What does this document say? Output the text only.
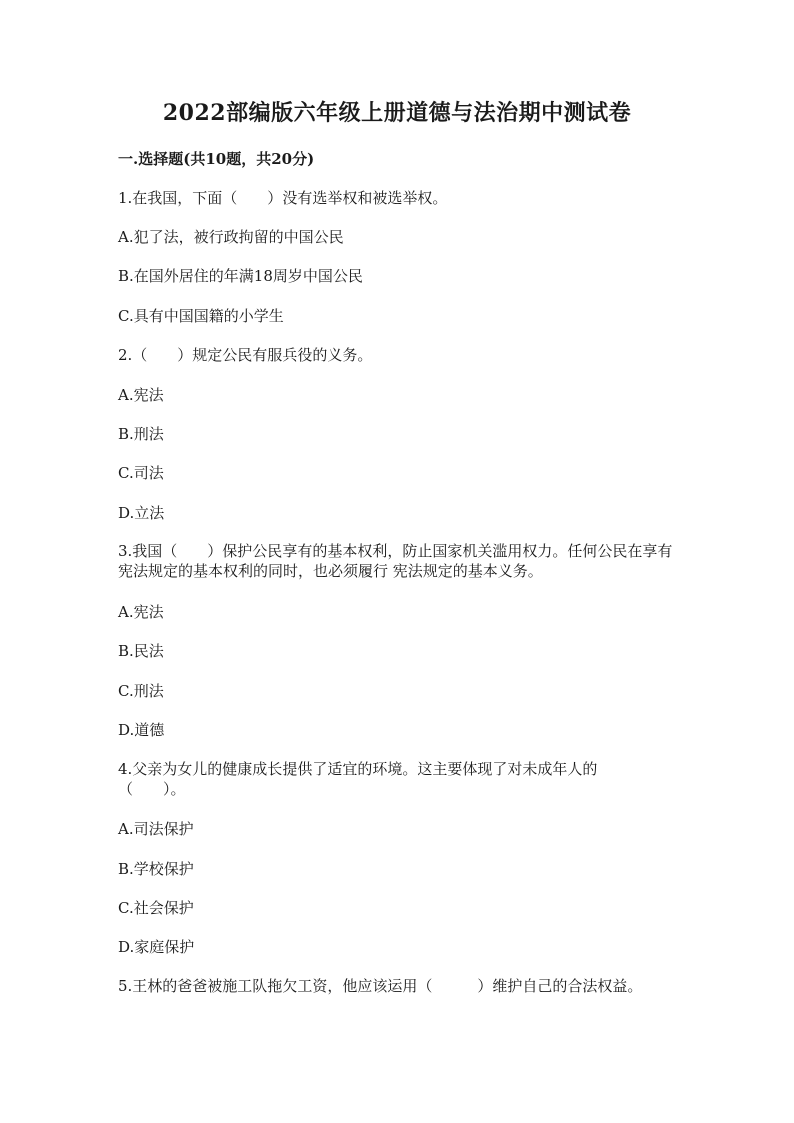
2022部编版六年级上册道德与法治期中测试卷
一.选择题(共10题，共20分)
1.在我国，下面（　　）没有选举权和被选举权。
A.犯了法，被行政拘留的中国公民
B.在国外居住的年满18周岁中国公民
C.具有中国国籍的小学生
2.（　　）规定公民有服兵役的义务。
A.宪法
B.刑法
C.司法
D.立法
3.我国（　　）保护公民享有的基本权利，防止国家机关滥用权力。任何公民在享有宪法规定的基本权利的同时，也必须履行 宪法规定的基本义务。
A.宪法
B.民法
C.刑法
D.道德
4.父亲为女儿的健康成长提供了适宜的环境。这主要体现了对未成年人的（　　）。
A.司法保护
B.学校保护
C.社会保护
D.家庭保护
5.王林的爸爸被施工队拖欠工资，他应该运用（　　　）维护自己的合法权益。
